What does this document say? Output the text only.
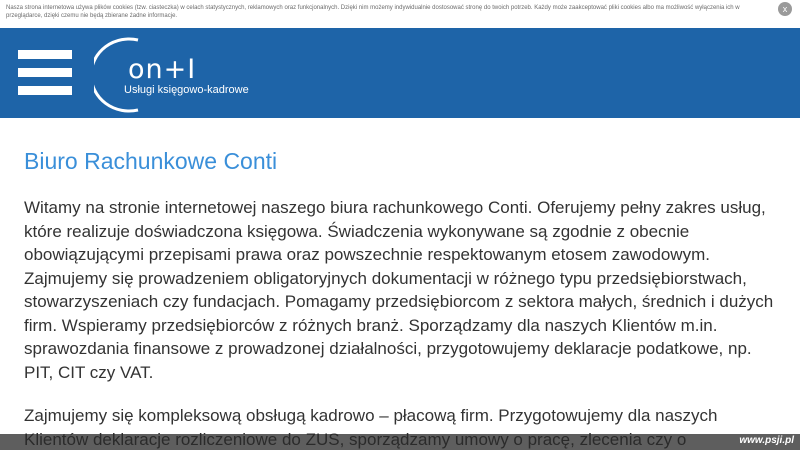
Nasza strona internetowa używa plików cookies (tzw. ciasteczka) w celach statystycznych, reklamowych oraz funkcjonalnych. Dzięki nim możemy indywidualnie dostosować stronę do twoich potrzeb. Każdy może zaakceptować pliki cookies albo ma możliwość wyłączenia ich w przeglądarce, dzięki czemu nie będą zbierane żadne informacje.
x
on+I
Usługi księgowo-kadrowe
Biuro Rachunkowe Conti

Witamy na stronie internetowej naszego biura rachunkowego Conti. Oferujemy pełny zakres usług, które realizuje doświadczona księgowa. Świadczenia wykonywane są zgodnie z obecnie obowiązującymi przepisami prawa oraz powszechnie respektowanym etosem zawodowym. Zajmujemy się prowadzeniem obligatoryjnych dokumentacji w różnego typu przedsiębiorstwach, stowarzyszeniach czy fundacjach. Pomagamy przedsiębiorcom z sektora małych, średnich i dużych firm. Wspieramy przedsiębiorców z różnych branż. Sporządzamy dla naszych Klientów m.in. sprawozdania finansowe z prowadzonej działalności, przygotowujemy deklaracje podatkowe, np. PIT, CIT czy VAT.

Zajmujemy się kompleksową obsługą kadrowo – płacową firm. Przygotowujemy dla naszych

www.psji.pl
